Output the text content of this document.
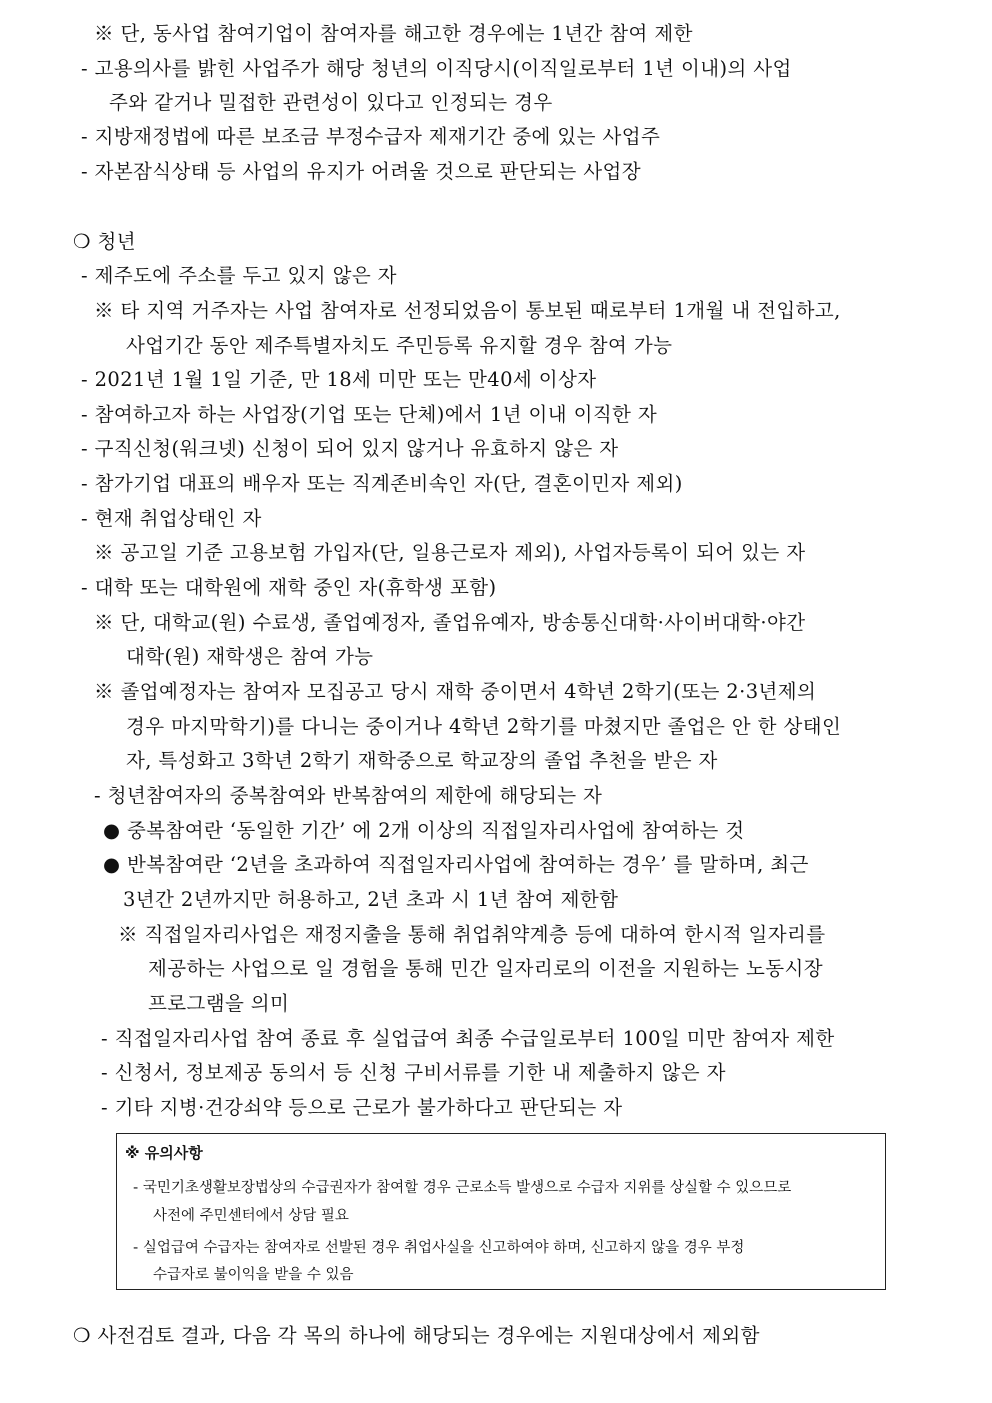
※ 단, 동사업 참여기업이 참여자를 해고한 경우에는 1년간 참여 제한
- 고용의사를 밝힌 사업주가 해당 청년의 이직당시(이직일로부터 1년 이내)의 사업
주와 같거나 밀접한 관련성이 있다고 인정되는 경우
- 지방재정법에 따른 보조금 부정수급자 제재기간 중에 있는 사업주
- 자본잠식상태 등 사업의 유지가 어려울 것으로 판단되는 사업장
❍ 청년
- 제주도에 주소를 두고 있지 않은 자
※ 타 지역 거주자는 사업 참여자로 선정되었음이 통보된 때로부터 1개월 내 전입하고,
사업기간 동안 제주특별자치도 주민등록 유지할 경우 참여 가능
- 2021년 1월 1일 기준, 만 18세 미만 또는 만40세 이상자
- 참여하고자 하는 사업장(기업 또는 단체)에서 1년 이내 이직한 자
- 구직신청(워크넷) 신청이 되어 있지 않거나 유효하지 않은 자
- 참가기업 대표의 배우자 또는 직계존비속인 자(단, 결혼이민자 제외)
- 현재 취업상태인 자
※ 공고일 기준 고용보험 가입자(단, 일용근로자 제외), 사업자등록이 되어 있는 자
- 대학 또는 대학원에 재학 중인 자(휴학생 포함)
※ 단, 대학교(원) 수료생, 졸업예정자, 졸업유예자, 방송통신대학·사이버대학·야간
대학(원) 재학생은 참여 가능
※ 졸업예정자는 참여자 모집공고 당시 재학 중이면서 4학년 2학기(또는 2·3년제의
경우 마지막학기)를 다니는 중이거나 4학년 2학기를 마쳤지만 졸업은 안 한 상태인
자, 특성화고 3학년 2학기 재학중으로 학교장의 졸업 추천을 받은 자
- 청년참여자의 중복참여와 반복참여의 제한에 해당되는 자
● 중복참여란 ‘동일한 기간’ 에 2개 이상의 직접일자리사업에 참여하는 것
● 반복참여란 ‘2년을 초과하여 직접일자리사업에 참여하는 경우’ 를 말하며, 최근
3년간 2년까지만 허용하고, 2년 초과 시 1년 참여 제한함
※ 직접일자리사업은 재정지출을 통해 취업취약계층 등에 대하여 한시적 일자리를
제공하는 사업으로 일 경험을 통해 민간 일자리로의 이전을 지원하는 노동시장
프로그램을 의미
- 직접일자리사업 참여 종료 후 실업급여 최종 수급일로부터 100일 미만 참여자 제한
- 신청서, 정보제공 동의서 등 신청 구비서류를 기한 내 제출하지 않은 자
- 기타 지병·건강쇠약 등으로 근로가 불가하다고 판단되는 자
※ 유의사항
- 국민기초생활보장법상의 수급권자가 참여할 경우 근로소득 발생으로 수급자 지위를 상실할 수 있으므로
사전에 주민센터에서 상담 필요
- 실업급여 수급자는 참여자로 선발된 경우 취업사실을 신고하여야 하며, 신고하지 않을 경우 부정
수급자로 불이익을 받을 수 있음
❍ 사전검토 결과, 다음 각 목의 하나에 해당되는 경우에는 지원대상에서 제외함
